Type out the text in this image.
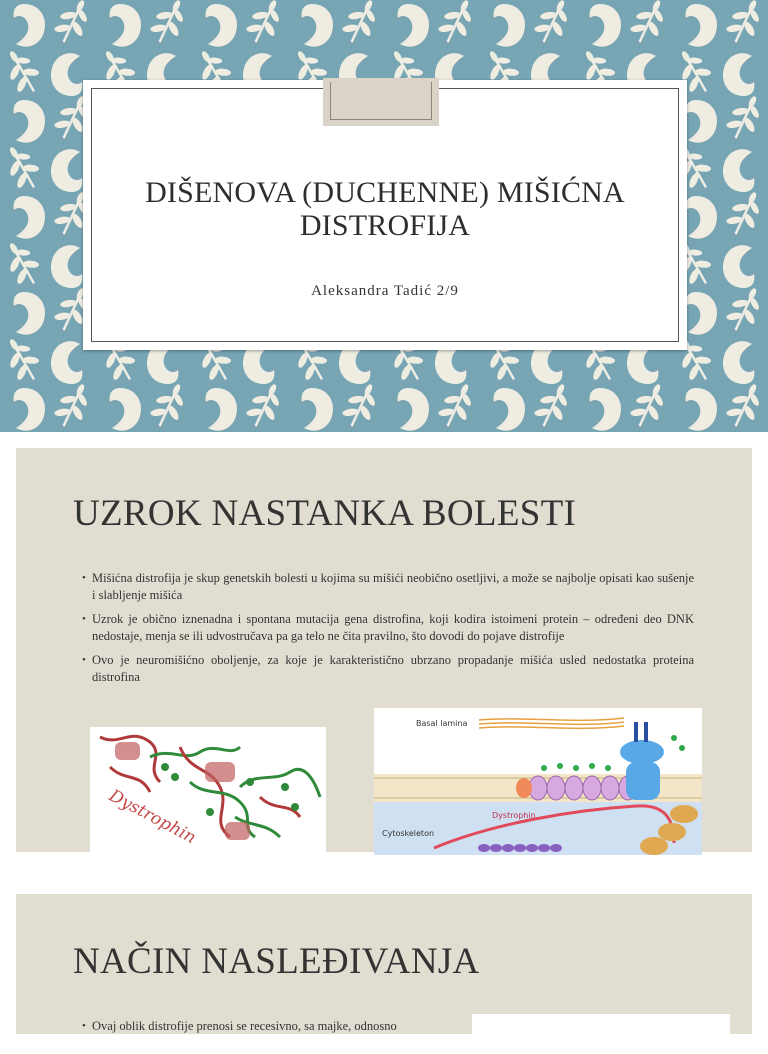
DIŠENOVA (DUCHENNE) MIŠIĆNA DISTROFIJA
Aleksandra Tadić 2/9
UZROK NASTANKA BOLESTI
• Mišićna distrofija je skup genetskih bolesti u kojima su mišići neobično osetljivi, a može se najbolje opisati kao sušenje i slabljenje mišića
• Uzrok je obično iznenadna i spontana mutacija gena distrofina, koji kodira istoimeni protein – određeni deo DNK nedostaje, menja se ili udvostručava pa ga telo ne čita pravilno, što dovodi do pojave distrofije
• Ovo je neuromišićno oboljenje, za koje je karakteristično ubrzano propadanje mišića usled nedostatka proteina distrofina
Dystrophin
Basal lamina
Dystrophin
Cytoskeleton
NAČIN NASLEĐIVANJA
• Ovaj oblik distrofije prenosi se recesivno, sa majke, odnosno
